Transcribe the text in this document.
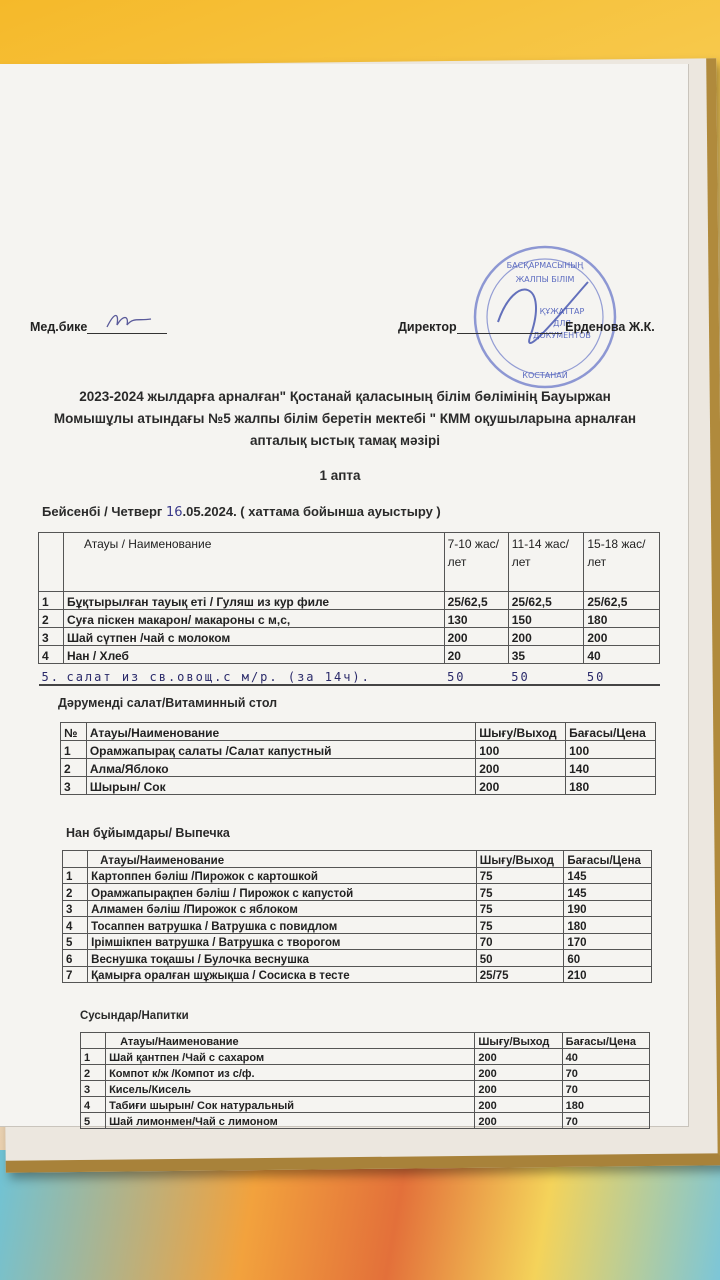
БАСҚАРМАСЫНЫҢ
ЖАЛПЫ БІЛІМ
ҚҰЖАТТАР
ДЛЯ
ДОКУМЕНТОВ
КОСТАНАЙ
Мед.бике	Директор	Ерденова Ж.К.
2023-2024 жылдарға арналған" Қостанай қаласының білім бөлімінің Бауыржан Момышұлы атындағы №5 жалпы білім беретін мектебі " КММ оқушыларына арналған апталық ыстық тамақ мәзірі
1 апта
Бейсенбі / Четверг 16.05.2024. ( хаттама бойынша ауыстыру )
	Атауы / Наименование	7-10 жас/ лет	11-14 жас/ лет	15-18 жас/ лет
1	Бұқтырылған тауық еті / Гуляш из кур филе	25/62,5	25/62,5	25/62,5
2	Суға піскен макарон/ макароны с м,с,	130	150	180
3	Шай сүтпен /чай с молоком	200	200	200
4	Нан / Хлеб	20	35	40
5.	салат из св.овощ.с м/р. (за 14ч).	50	50	50
Дәруменді салат/Витаминный стол
№	Атауы/Наименование	Шығу/Выход	Бағасы/Цена
1	Орамжапырақ салаты /Салат капустный	100	100
2	Алма/Яблоко	200	140
3	Шырын/ Сок	200	180
Нан бұйымдары/ Выпечка
	Атауы/Наименование	Шығу/Выход	Бағасы/Цена
1	Картоппен бәліш /Пирожок с картошкой	75	145
2	Орамжапырақпен бәліш / Пирожок с капустой	75	145
3	Алмамен бәліш /Пирожок с яблоком	75	190
4	Тосаппен ватрушка / Ватрушка с повидлом	75	180
5	Ірімшікпен ватрушка / Ватрушка с творогом	70	170
6	Веснушка тоқашы / Булочка веснушка	50	60
7	Қамырға оралған шұжықша / Сосиска в тесте	25/75	210
Сусындар/Напитки
	Атауы/Наименование	Шығу/Выход	Бағасы/Цена
1	Шай қантпен /Чай с сахаром	200	40
2	Компот к/ж /Компот из с/ф.	200	70
3	Кисель/Кисель	200	70
4	Табиғи шырын/ Сок натуральный	200	180
5	Шай лимонмен/Чай с лимоном	200	70
